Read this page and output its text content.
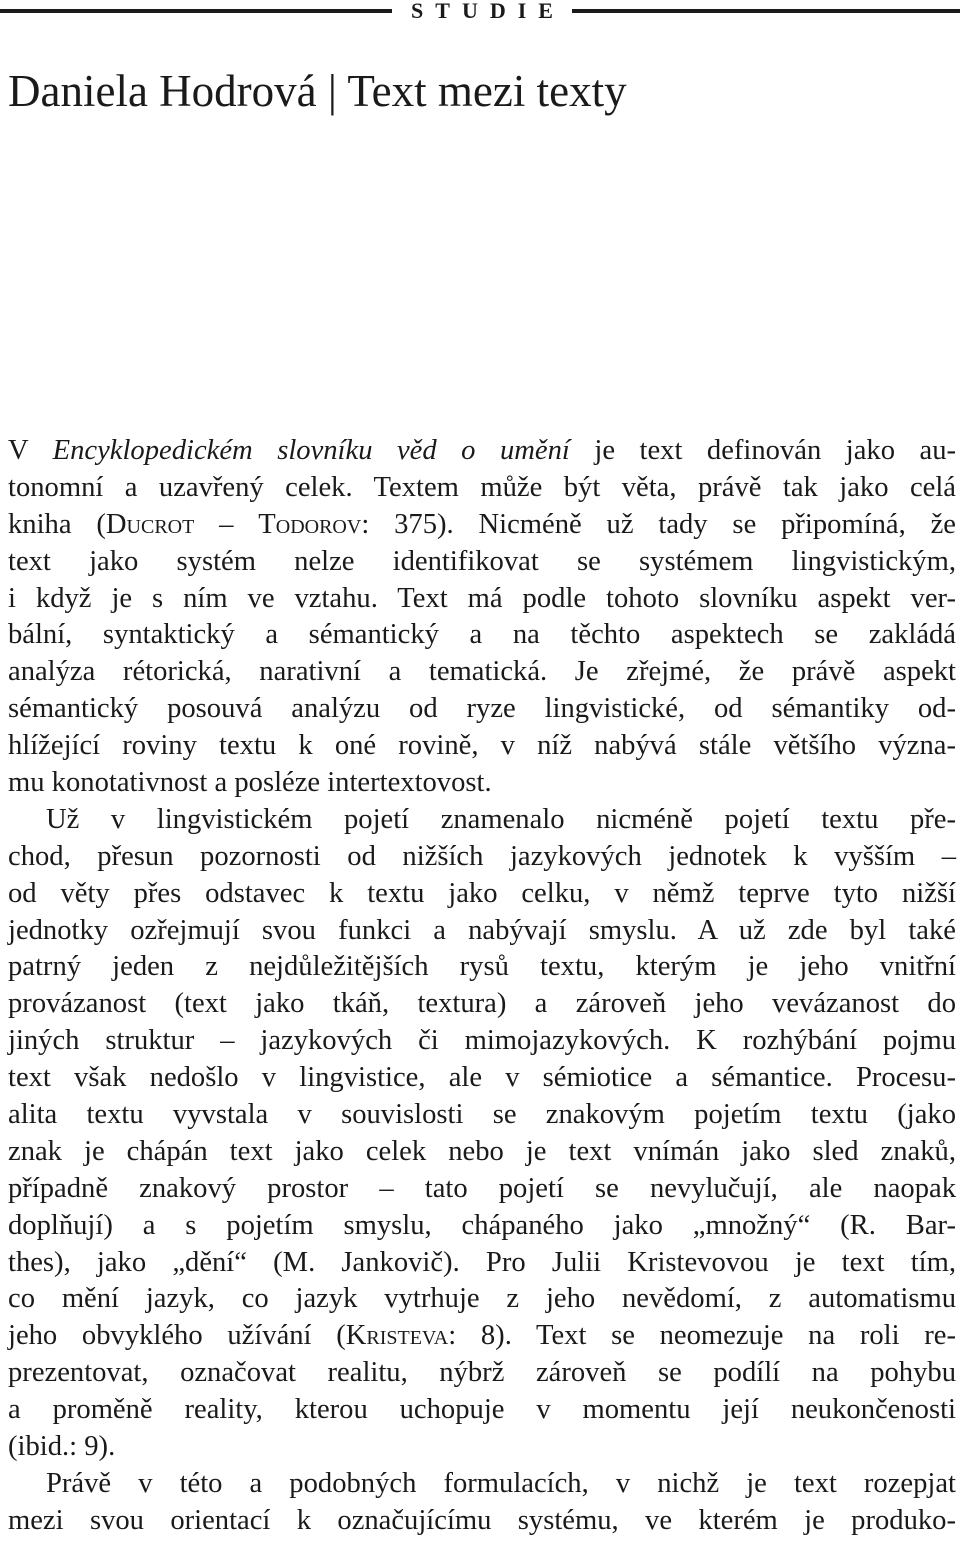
STUDIE
Daniela Hodrová | Text mezi texty
V Encyklopedickém slovníku věd o umění je text definován jako au-
tonomní a uzavřený celek. Textem může být věta, právě tak jako celá
kniha (Ducrot – Todorov: 375). Nicméně už tady se připomíná, že
text jako systém nelze identifikovat se systémem lingvistickým,
i když je s ním ve vztahu. Text má podle tohoto slovníku aspekt ver-
bální, syntaktický a sémantický a na těchto aspektech se zakládá
analýza rétorická, narativní a tematická. Je zřejmé, že právě aspekt
sémantický posouvá analýzu od ryze lingvistické, od sémantiky od-
hlížející roviny textu k oné rovině, v níž nabývá stále většího význa-
mu konotativnost a posléze intertextovost.
Už v lingvistickém pojetí znamenalo nicméně pojetí textu pře-
chod, přesun pozornosti od nižších jazykových jednotek k vyšším –
od věty přes odstavec k textu jako celku, v němž teprve tyto nižší
jednotky ozřejmují svou funkci a nabývají smyslu. A už zde byl také
patrný jeden z nejdůležitějších rysů textu, kterým je jeho vnitřní
provázanost (text jako tkáň, textura) a zároveň jeho vevázanost do
jiných struktur – jazykových či mimojazykových. K rozhýbání pojmu
text však nedošlo v lingvistice, ale v sémiotice a sémantice. Procesu-
alita textu vyvstala v souvislosti se znakovým pojetím textu (jako
znak je chápán text jako celek nebo je text vnímán jako sled znaků,
případně znakový prostor – tato pojetí se nevylučují, ale naopak
doplňují) a s pojetím smyslu, chápaného jako „množný“ (R. Bar-
thes), jako „dění“ (M. Jankovič). Pro Julii Kristevovou je text tím,
co mění jazyk, co jazyk vytrhuje z jeho nevědomí, z automatismu
jeho obvyklého užívání (Kristeva: 8). Text se neomezuje na roli re-
prezentovat, označovat realitu, nýbrž zároveň se podílí na pohybu
a proměně reality, kterou uchopuje v momentu její neukončenosti
(ibid.: 9).
Právě v této a podobných formulacích, v nichž je text rozepjat
mezi svou orientací k označujícímu systému, ve kterém je produko-
